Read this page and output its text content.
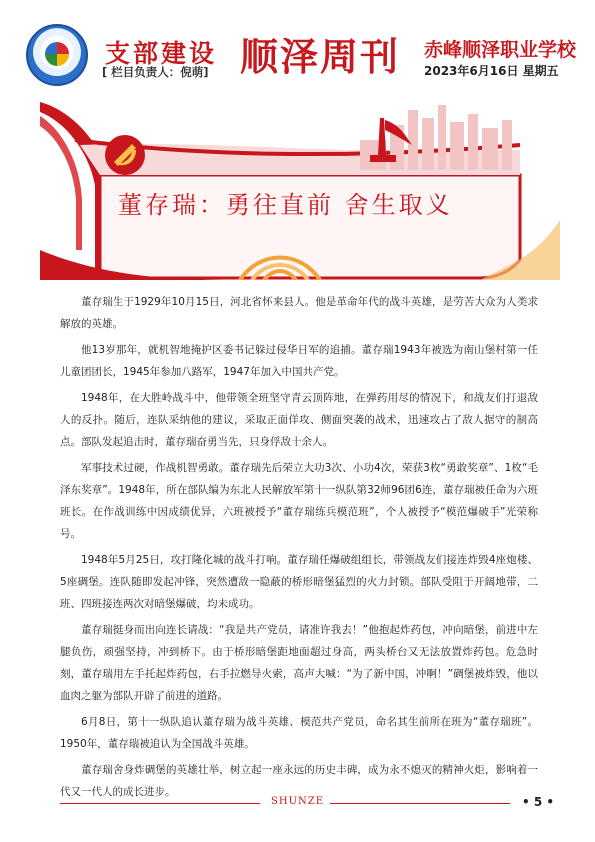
支部建设
[ 栏目负责人：倪萌] 顺泽周刊 赤峰顺泽职业学校
2023年6月16日 星期五
董存瑞：勇往直前 舍生取义

董存瑞生于1929年10月15日，河北省怀来县人。他是革命年代的战斗英雄，是劳苦大众为人类求解放的英雄。

他13岁那年，就机智地掩护区委书记躲过侵华日军的追捕。董存瑞1943年被选为南山堡村第一任儿童团团长，1945年参加八路军，1947年加入中国共产党。

1948年，在大胜岭战斗中，他带领全班坚守青云顶阵地，在弹药用尽的情况下，和战友们打退敌人的反扑。随后，连队采纳他的建议，采取正面佯攻、侧面突袭的战术，迅速攻占了敌人据守的制高点。部队发起追击时，董存瑞奋勇当先，只身俘敌十余人。

军事技术过硬，作战机智勇敢。董存瑞先后荣立大功3次、小功4次，荣获3枚“勇敢奖章”、1枚“毛泽东奖章”。1948年，所在部队编为东北人民解放军第十一纵队第32师96团6连，董存瑞被任命为六班班长。在作战训练中因成绩优异，六班被授予“董存瑞练兵模范班”，个人被授予“模范爆破手”光荣称号。

1948年5月25日，攻打隆化城的战斗打响。董存瑞任爆破组组长，带领战友们接连炸毁4座炮楼、5座碉堡。连队随即发起冲锋，突然遭敌一隐蔽的桥形暗堡猛烈的火力封锁。部队受阻于开阔地带，二班、四班接连两次对暗堡爆破，均未成功。

董存瑞挺身而出向连长请战：“我是共产党员，请准许我去！”他抱起炸药包，冲向暗堡，前进中左腿负伤，顽强坚持，冲到桥下。由于桥形暗堡距地面超过身高，两头桥台又无法放置炸药包。危急时刻，董存瑞用左手托起炸药包，右手拉燃导火索，高声大喊：“为了新中国，冲啊！”碉堡被炸毁，他以血肉之躯为部队开辟了前进的道路。

6月8日，第十一纵队追认董存瑞为战斗英雄、模范共产党员，命名其生前所在班为“董存瑞班”。1950年，董存瑞被追认为全国战斗英雄。

董存瑞舍身炸碉堡的英雄壮举，树立起一座永远的历史丰碑，成为永不熄灭的精神火炬，影响着一代又一代人的成长进步。

SHUNZE	• 5 •
